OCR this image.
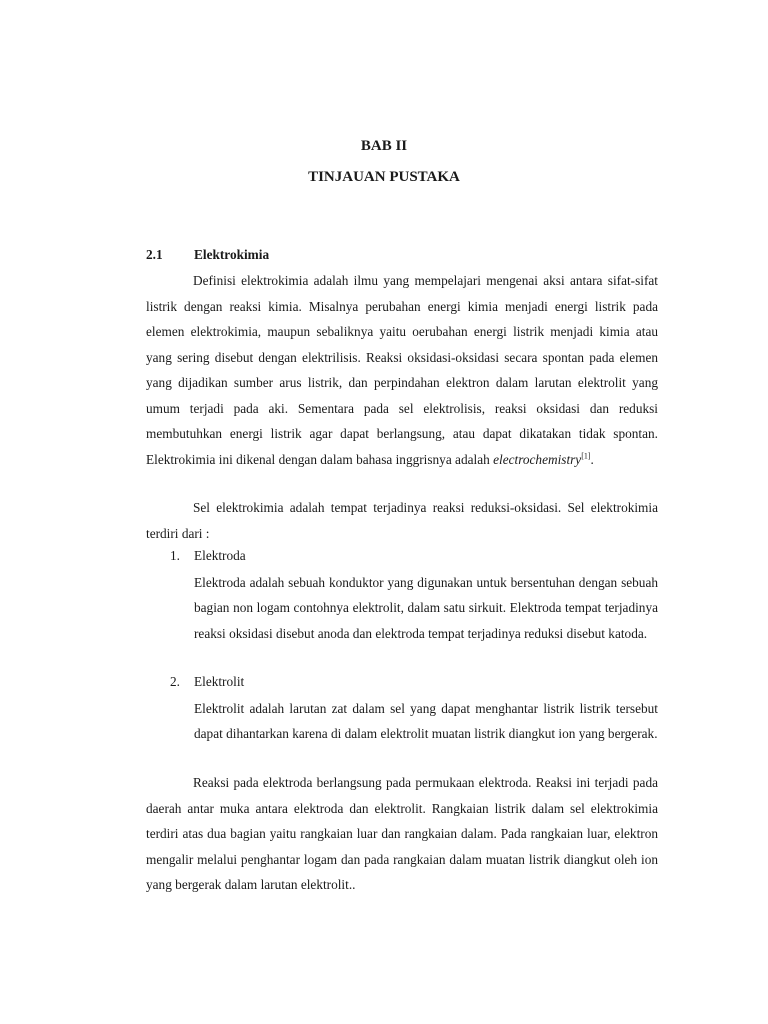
BAB II
TINJAUAN PUSTAKA
2.1 Elektrokimia

Definisi elektrokimia adalah ilmu yang mempelajari mengenai aksi antara sifat-sifat listrik dengan reaksi kimia. Misalnya perubahan energi kimia menjadi energi listrik pada elemen elektrokimia, maupun sebaliknya yaitu oerubahan energi listrik menjadi kimia atau yang sering disebut dengan elektrilisis. Reaksi oksidasi-oksidasi secara spontan pada elemen yang dijadikan sumber arus listrik, dan perpindahan elektron dalam larutan elektrolit yang umum terjadi pada aki. Sementara pada sel elektrolisis, reaksi oksidasi dan reduksi membutuhkan energi listrik agar dapat berlangsung, atau dapat dikatakan tidak spontan. Elektrokimia ini dikenal dengan dalam bahasa inggrisnya adalah electrochemistry[1].

Sel elektrokimia adalah tempat terjadinya reaksi reduksi-oksidasi. Sel elektrokimia terdiri dari :

1. Elektroda

Elektroda adalah sebuah konduktor yang digunakan untuk bersentuhan dengan sebuah bagian non logam contohnya elektrolit, dalam satu sirkuit. Elektroda tempat terjadinya reaksi oksidasi disebut anoda dan elektroda tempat terjadinya reduksi disebut katoda.

2. Elektrolit

Elektrolit adalah larutan zat dalam sel yang dapat menghantar listrik listrik tersebut dapat dihantarkan karena di dalam elektrolit muatan listrik diangkut ion yang bergerak.

Reaksi pada elektroda berlangsung pada permukaan elektroda. Reaksi ini terjadi pada daerah antar muka antara elektroda dan elektrolit. Rangkaian listrik dalam sel elektrokimia terdiri atas dua bagian yaitu rangkaian luar dan rangkaian dalam. Pada rangkaian luar, elektron mengalir melalui penghantar logam dan pada rangkaian dalam muatan listrik diangkut oleh ion yang bergerak dalam larutan elektrolit..
